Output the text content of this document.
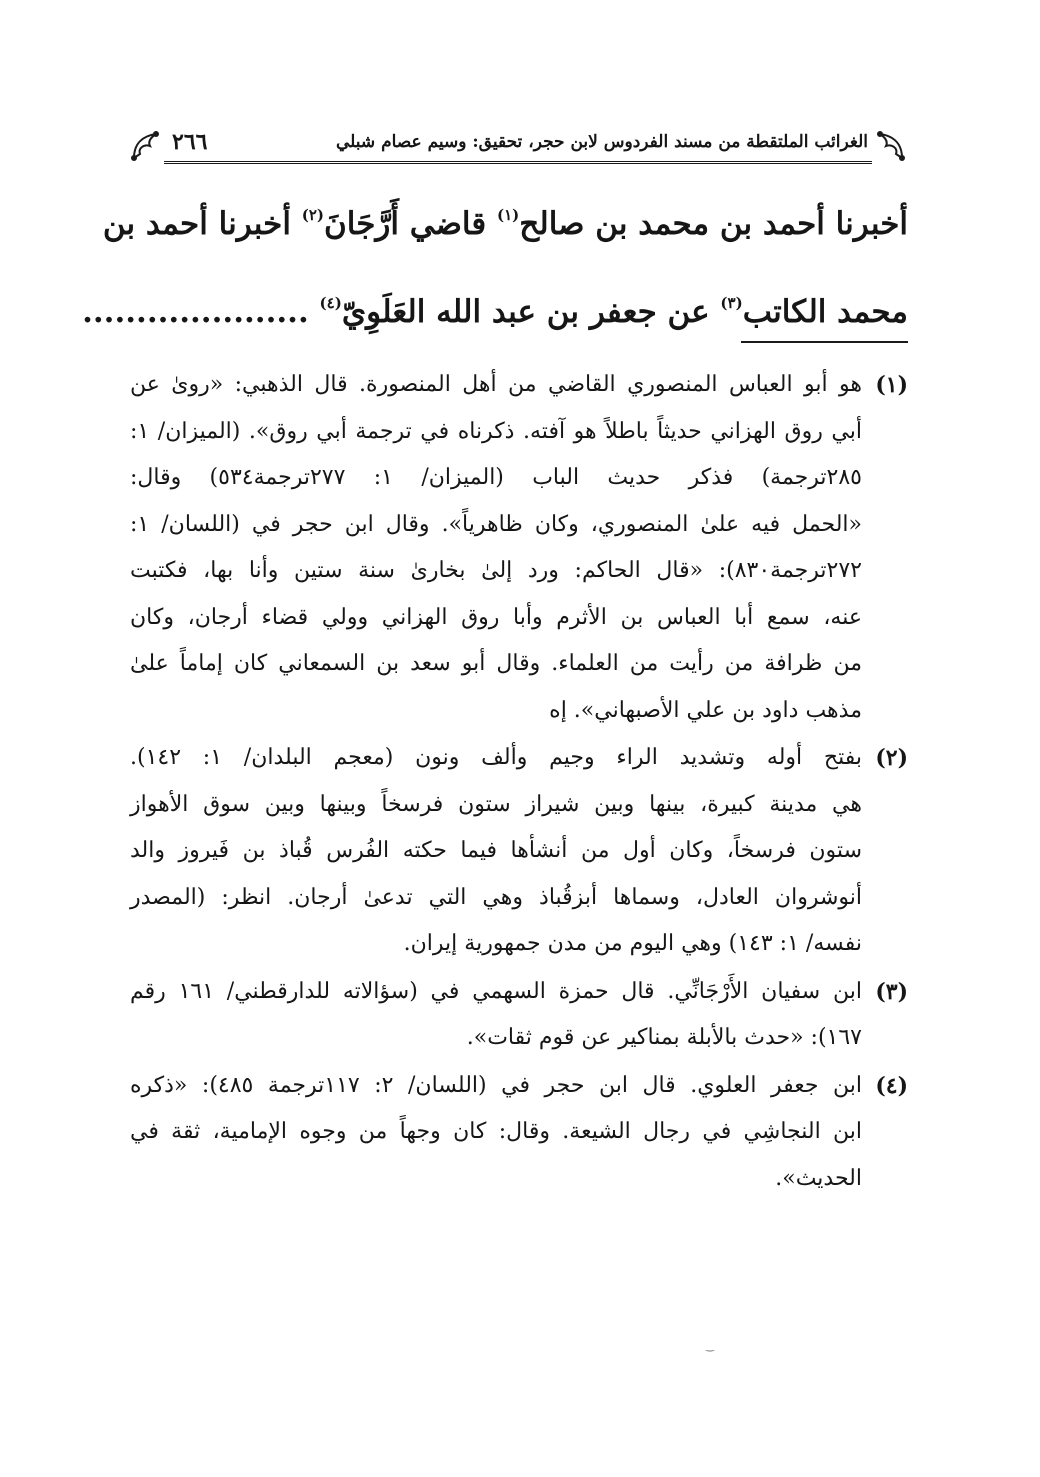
الغرائب الملتقطة من مسند الفردوس لابن حجر، تحقيق: وسيم عصام شبلي
٢٦٦
أخبرنا أحمد بن محمد بن صالح$^{(١)}$ قاضي أَرَّجَانَ$^{(٢)}$ أخبرنا أحمد بن
محمد الكاتب$^{(٣)}$ عن جعفر بن عبد الله العَلَوِيّ$^{(٤)}$ .....................
(١)
هو أبو العباس المنصوري القاضي من أهل المنصورة. قال الذهبي: «روىٰ عن
أبي روق الهزاني حديثاً باطلاً هو آفته. ذكرناه في ترجمة أبي روق». (الميزان/ ١:
٢٨٥ترجمة) فذكر حديث الباب (الميزان/ ١: ٢٧٧ترجمة٥٣٤) وقال:
«الحمل فيه علىٰ المنصوري، وكان ظاهرياً». وقال ابن حجر في (اللسان/ ١:
٢٧٢ترجمة٨٣٠): «قال الحاكم: ورد إلىٰ بخارىٰ سنة ستين وأنا بها، فكتبت
عنه، سمع أبا العباس بن الأثرم وأبا روق الهزاني وولي قضاء أرجان، وكان
من ظرافة من رأيت من العلماء. وقال أبو سعد بن السمعاني كان إماماً علىٰ
مذهب داود بن علي الأصبهاني». إه
(٢)
بفتح أوله وتشديد الراء وجيم وألف ونون (معجم البلدان/ ١: ١٤٢).
هي مدينة كبيرة، بينها وبين شيراز ستون فرسخاً وبينها وبين سوق الأهواز
ستون فرسخاً، وكان أول من أنشأها فيما حكته الفُرس قُباذ بن فَيروز والد
أنوشروان العادل، وسماها أبزقُباذ وهي التي تدعىٰ أرجان. انظر: (المصدر
نفسه/ ١: ١٤٣) وهي اليوم من مدن جمهورية إيران.
(٣)
ابن سفيان الأَرْجَانِّي. قال حمزة السهمي في (سؤالاته للدارقطني/ ١٦١ رقم
١٦٧): «حدث بالأبلة بمناكير عن قوم ثقات».
(٤)
ابن جعفر العلوي. قال ابن حجر في (اللسان/ ٢: ١١٧ترجمة ٤٨٥): «ذكره
ابن النجاشِي في رجال الشيعة. وقال: كان وجهاً من وجوه الإمامية، ثقة في
الحديث».
‿
